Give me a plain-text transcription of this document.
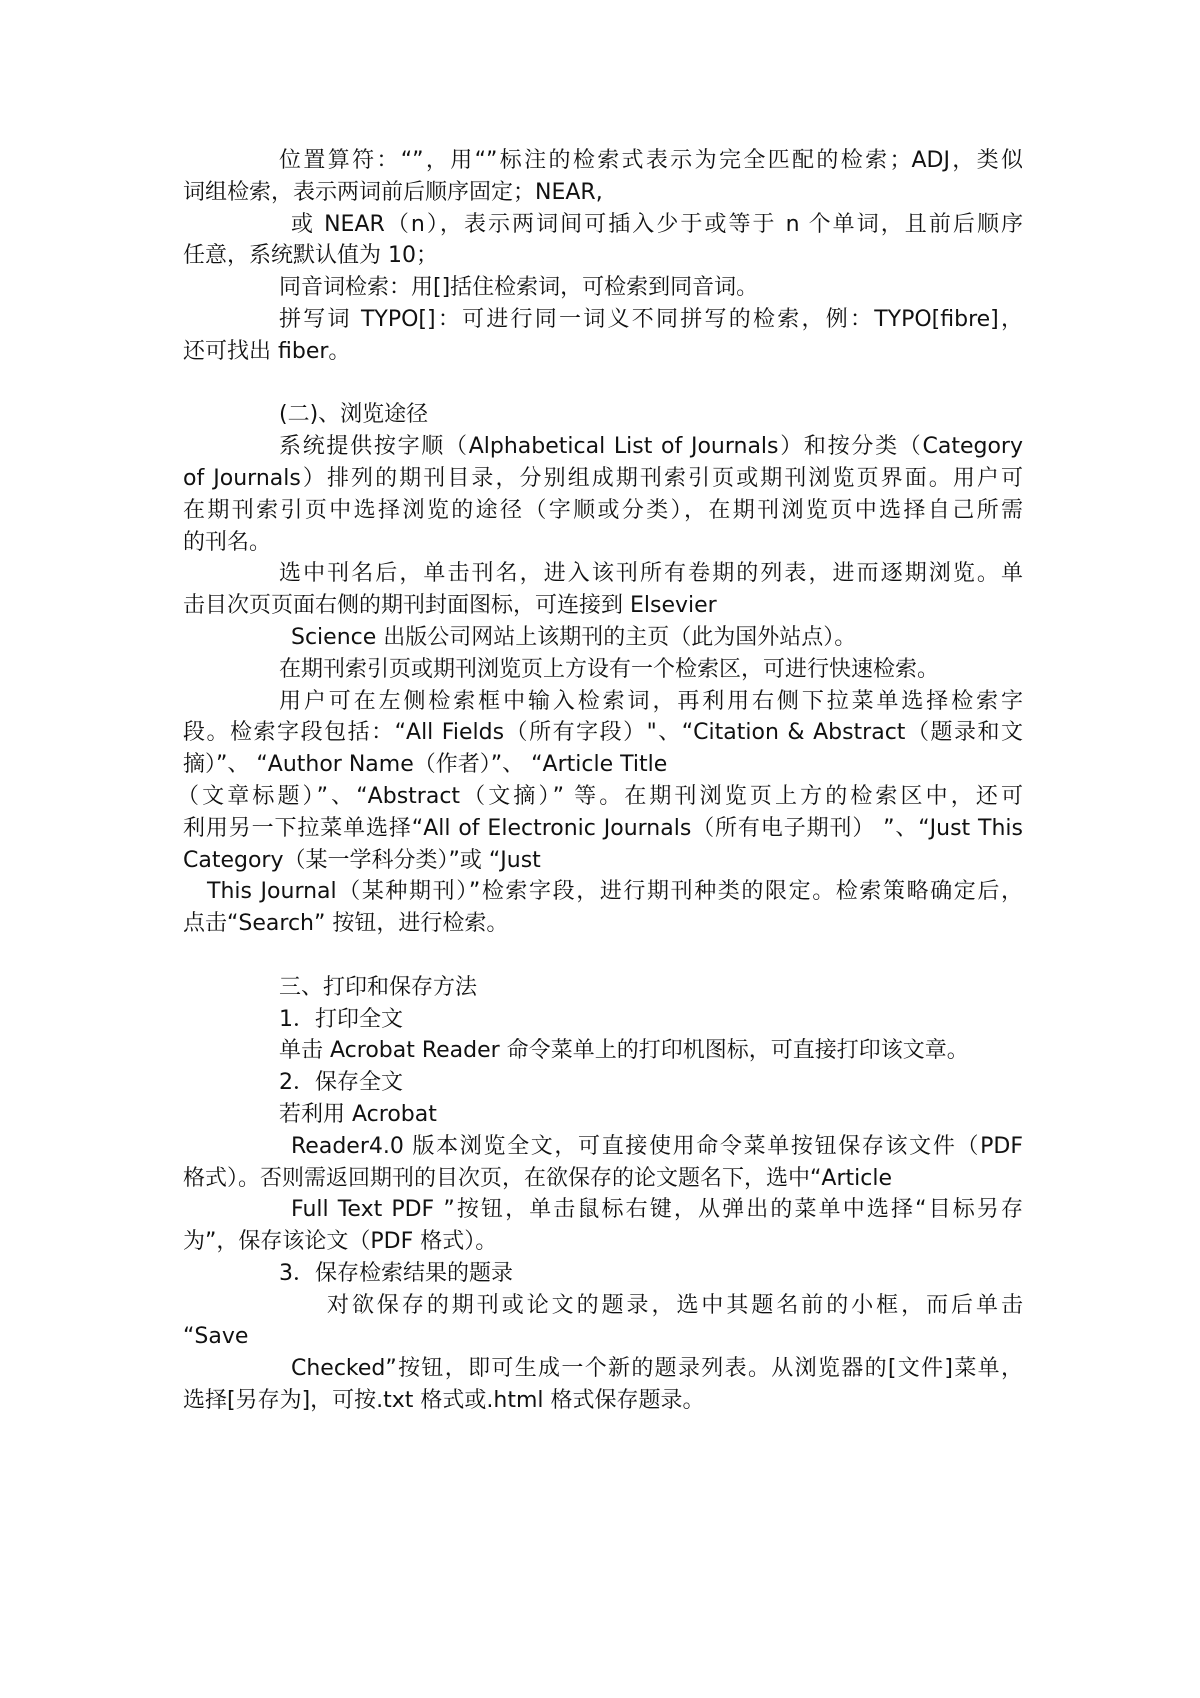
位置算符：“”，用“”标注的检索式表示为完全匹配的检索；ADJ，类似
词组检索，表示两词前后顺序固定；NEAR,
或 NEAR（n），表示两词间可插入少于或等于 n 个单词，且前后顺序
任意，系统默认值为 10；
同音词检索：用[]括住检索词，可检索到同音词。
拼写词 TYPO[]：可进行同一词义不同拼写的检索，例：TYPO[fibre]，
还可找出 fiber。
(二)、浏览途径
系统提供按字顺（Alphabetical List of Journals）和按分类（Category
of Journals）排列的期刊目录，分别组成期刊索引页或期刊浏览页界面。用户可
在期刊索引页中选择浏览的途径（字顺或分类），在期刊浏览页中选择自己所需
的刊名。
选中刊名后，单击刊名，进入该刊所有卷期的列表，进而逐期浏览。单
击目次页页面右侧的期刊封面图标，可连接到 Elsevier
Science 出版公司网站上该期刊的主页（此为国外站点）。
在期刊索引页或期刊浏览页上方设有一个检索区，可进行快速检索。
用户可在左侧检索框中输入检索词，再利用右侧下拉菜单选择检索字
段。检索字段包括：“All Fields（所有字段）"、“Citation & Abstract（题录和文
摘）”、 “Author Name（作者）”、 “Article Title
（文章标题）”、“Abstract（文摘）” 等。在期刊浏览页上方的检索区中，还可
利用另一下拉菜单选择“All of Electronic Journals（所有电子期刊） ”、“Just This
Category（某一学科分类）”或 “Just
This Journal（某种期刊）”检索字段，进行期刊种类的限定。检索策略确定后，
点击“Search” 按钮，进行检索。
三、打印和保存方法
1．打印全文
单击 Acrobat Reader 命令菜单上的打印机图标，可直接打印该文章。
2．保存全文
若利用 Acrobat
Reader4.0 版本浏览全文，可直接使用命令菜单按钮保存该文件（PDF
格式）。否则需返回期刊的目次页，在欲保存的论文题名下，选中“Article
Full Text PDF ”按钮，单击鼠标右键，从弹出的菜单中选择“目标另存
为”，保存该论文（PDF 格式）。
3．保存检索结果的题录
对欲保存的期刊或论文的题录，选中其题名前的小框，而后单击
“Save
Checked”按钮，即可生成一个新的题录列表。从浏览器的[文件]菜单，
选择[另存为]，可按.txt 格式或.html 格式保存题录。
